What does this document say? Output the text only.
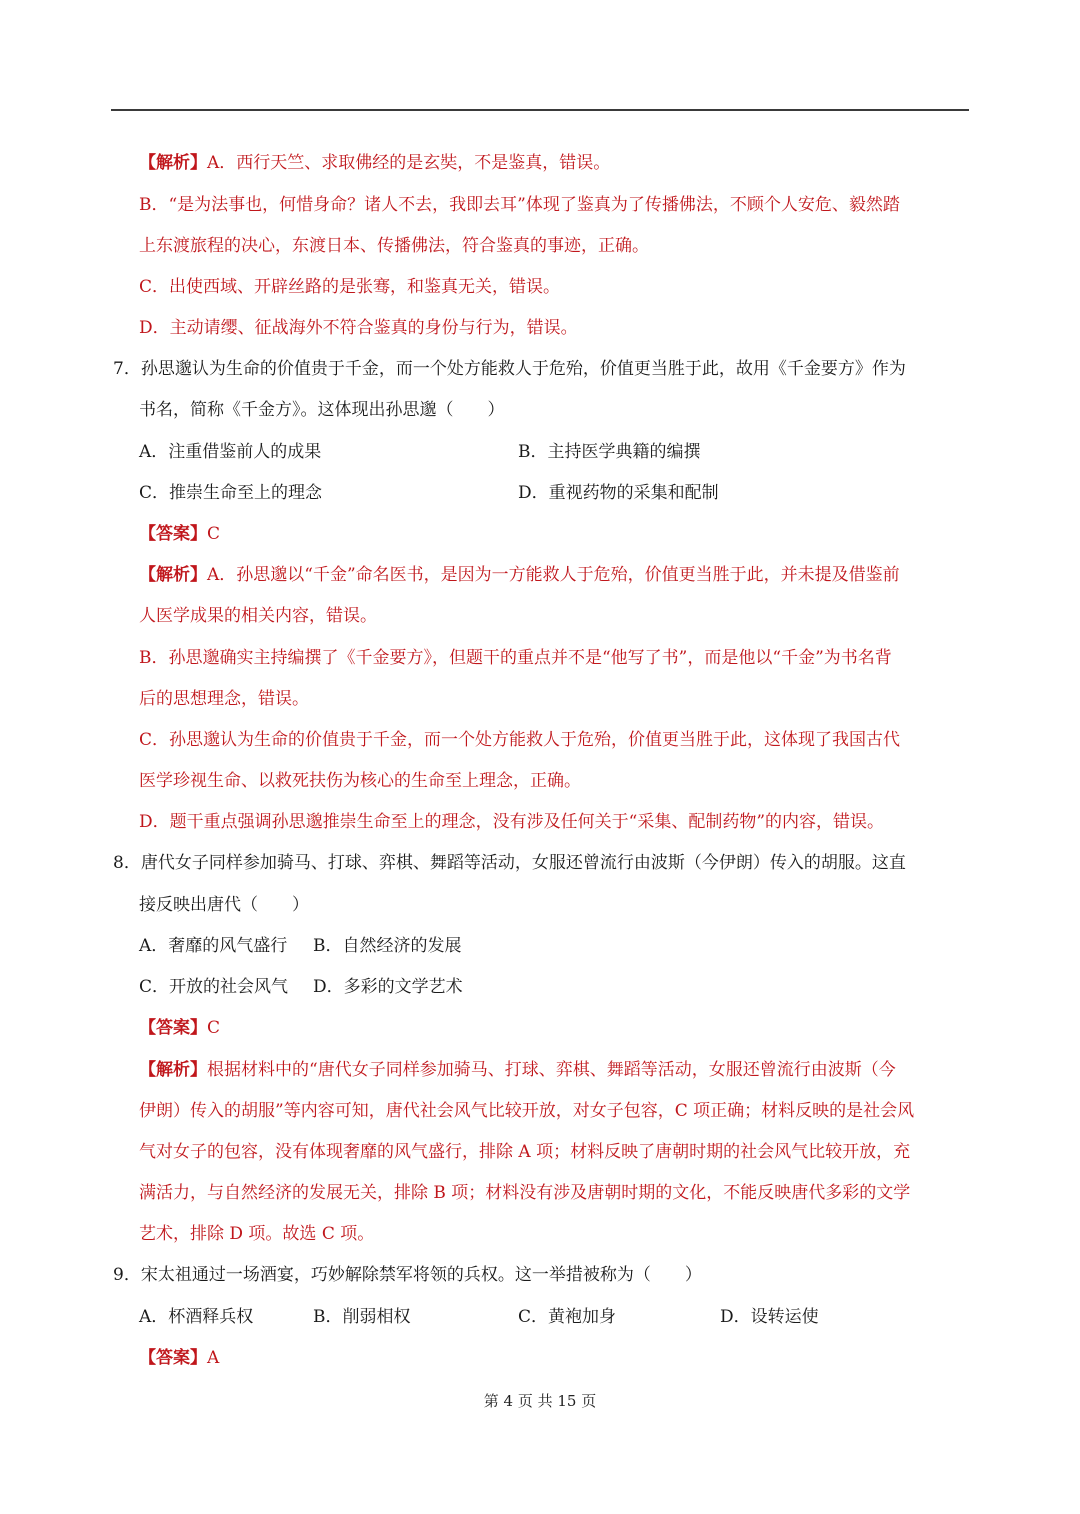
【解析】A．西行天竺、求取佛经的是玄奘，不是鉴真，错误。
B．“是为法事也，何惜身命？诸人不去，我即去耳”体现了鉴真为了传播佛法，不顾个人安危、毅然踏
上东渡旅程的决心，东渡日本、传播佛法，符合鉴真的事迹，正确。
C．出使西域、开辟丝路的是张骞，和鉴真无关，错误。
D．主动请缨、征战海外不符合鉴真的身份与行为，错误。
7．孙思邈认为生命的价值贵于千金，而一个处方能救人于危殆，价值更当胜于此，故用《千金要方》作为
书名，简称《千金方》。这体现出孙思邈（　　）
A．注重借鉴前人的成果	B．主持医学典籍的编撰
C．推崇生命至上的理念	D．重视药物的采集和配制
【答案】C
【解析】A．孙思邈以“千金”命名医书，是因为一方能救人于危殆，价值更当胜于此，并未提及借鉴前
人医学成果的相关内容，错误。
B．孙思邈确实主持编撰了《千金要方》，但题干的重点并不是“他写了书”，而是他以“千金”为书名背
后的思想理念，错误。
C．孙思邈认为生命的价值贵于千金，而一个处方能救人于危殆，价值更当胜于此，这体现了我国古代
医学珍视生命、以救死扶伤为核心的生命至上理念，正确。
D．题干重点强调孙思邈推崇生命至上的理念，没有涉及任何关于“采集、配制药物”的内容，错误。
8．唐代女子同样参加骑马、打球、弈棋、舞蹈等活动，女服还曾流行由波斯（今伊朗）传入的胡服。这直
接反映出唐代（　　）
A．奢靡的风气盛行 B．自然经济的发展
C．开放的社会风气 D．多彩的文学艺术
【答案】C
【解析】根据材料中的“唐代女子同样参加骑马、打球、弈棋、舞蹈等活动，女服还曾流行由波斯（今
伊朗）传入的胡服”等内容可知，唐代社会风气比较开放，对女子包容，C 项正确；材料反映的是社会风
气对女子的包容，没有体现奢靡的风气盛行，排除 A 项；材料反映了唐朝时期的社会风气比较开放，充
满活力，与自然经济的发展无关，排除 B 项；材料没有涉及唐朝时期的文化，不能反映唐代多彩的文学
艺术，排除 D 项。故选 C 项。
9．宋太祖通过一场酒宴，巧妙解除禁军将领的兵权。这一举措被称为（　　）
A．杯酒释兵权	B．削弱相权	C．黄袍加身	D．设转运使
【答案】A
第 4 页 共 15 页
